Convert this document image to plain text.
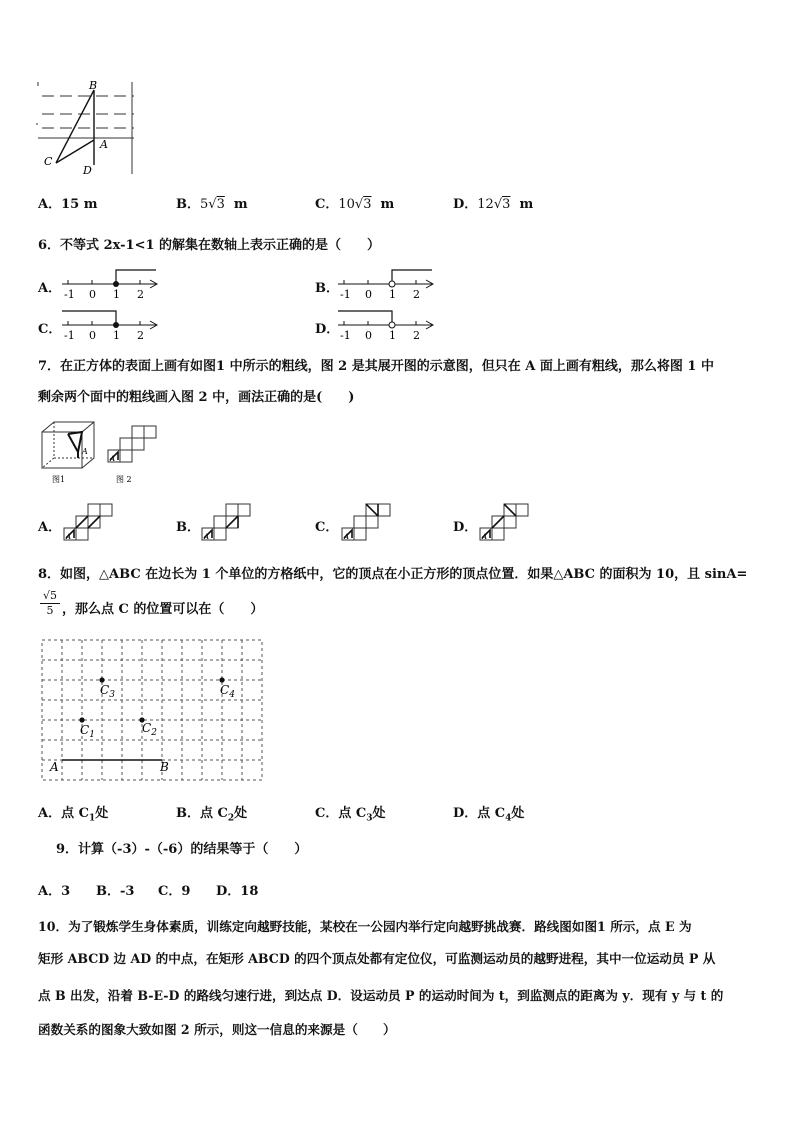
B
C
D
A
A．15 m	B．5√3 m	C．10√3 m	D．12√3 m
6．不等式 2x-1<1 的解集在数轴上表示正确的是（　　）
A． -1 0 1 2	B． -1 0 1 2
C． -1 0 1 2	D． -1 0 1 2
7．在正方体的表面上画有如图1 中所示的粗线，图 2 是其展开图的示意图，但只在 A 面上画有粗线，那么将图 1 中
剩余两个面中的粗线画入图 2 中，画法正确的是(　　)
A
图1
A
图 2
A．
A
B．
A
C．
A
D．
A
8．如图，△ABC 在边长为 1 个单位的方格纸中，它的顶点在小正方形的顶点位置．如果△ABC 的面积为 10，且 sinA=
√5
5 ，那么点 C 的位置可以在（　　）
$C_3$	$C_4$
$C_1$	$C_2$
A	B
A．点 $C_1$处	B．点 $C_2$处	C．点 $C_3$处	D．点 $C_4$处
9．计算（-3）-（-6）的结果等于（　　）
A．3 B．-3 C．9 D．18
10．为了锻炼学生身体素质，训练定向越野技能，某校在一公园内举行定向越野挑战赛．路线图如图1 所示，点 E 为
矩形 ABCD 边 AD 的中点，在矩形 ABCD 的四个顶点处都有定位仪，可监测运动员的越野进程，其中一位运动员 P 从
点 B 出发，沿着 B-E-D 的路线匀速行进，到达点 D．设运动员 P 的运动时间为 t，到监测点的距离为 y．现有 y 与 t 的
函数关系的图象大致如图 2 所示，则这一信息的来源是（　　）
